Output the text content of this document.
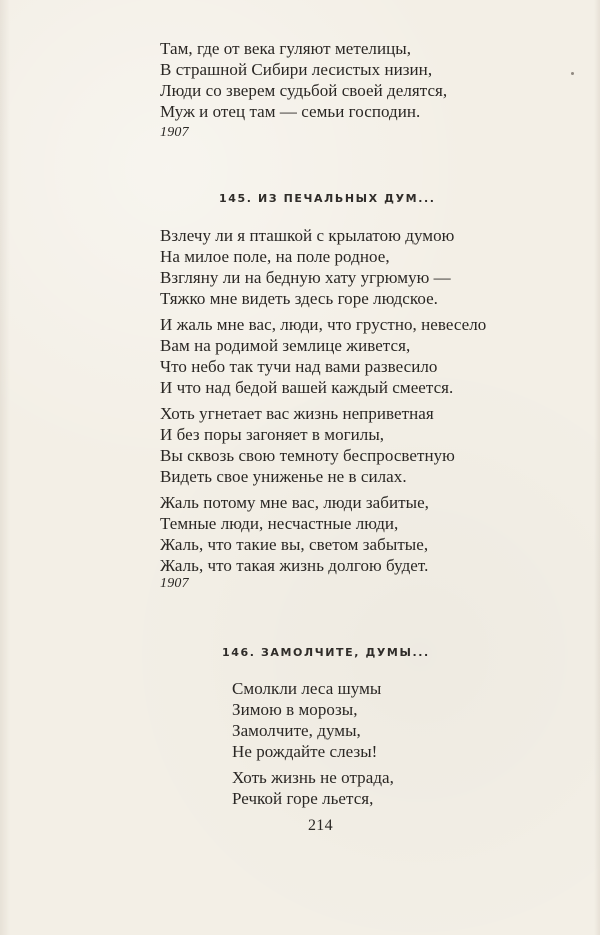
Там, где от века гуляют метелицы,
В страшной Сибири лесистых низин,
Люди со зверем судьбой своей делятся,
Муж и отец там — семьи господин.
1907
145. ИЗ ПЕЧАЛЬНЫХ ДУМ...
Взлечу ли я пташкой с крылатою думою
На милое поле, на поле родное,
Взгляну ли на бедную хату угрюмую —
Тяжко мне видеть здесь горе людское.
И жаль мне вас, люди, что грустно, невесело
Вам на родимой землице живется,
Что небо так тучи над вами развесило
И что над бедой вашей каждый смеется.
Хоть угнетает вас жизнь неприветная
И без поры загоняет в могилы,
Вы сквозь свою темноту беспросветную
Видеть свое униженье не в силах.
Жаль потому мне вас, люди забитые,
Темные люди, несчастные люди,
Жаль, что такие вы, светом забытые,
Жаль, что такая жизнь долгою будет.
1907
146. ЗАМОЛЧИТЕ, ДУМЫ...
Смолкли леса шумы
Зимою в морозы,
Замолчите, думы,
Не рождайте слезы!
Хоть жизнь не отрада,
Речкой горе льется,
214
